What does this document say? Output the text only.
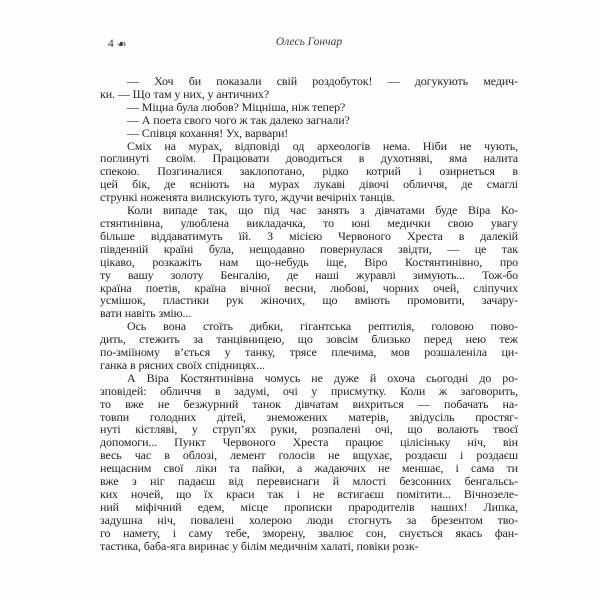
4 ❧	Олесь Гончар
— Хоч би показали свій роздобуток! — догукують медич-
ки. — Що там у них, у античних?
— Міцна була любов? Міцніша, ніж тепер?
— А поета свого чого ж так далеко загнали?
— Співця кохання! Ух, варвари!
Сміх на мурах, відповіді од археологів нема. Ніби не чують,
поглинуті своїм. Працювати доводиться в духотняві, яма налита
спекою. Позгиналися заклопотано, рідко котрий і озирнеться в
цей бік, де ясніють на мурах лукаві дівочі обличчя, де смаглі
стрункі ноженята вилискують туго, ждучи вечірніх танців.
Коли випаде так, що під час занять з дівчатами буде Віра Ко-
стянтинівна, улюблена викладачка, то юні медички свою увагу
більше віддаватимуть їй. З місією Червоного Хреста в далекій
південній країні була, нещодавно повернулася звідти, — це так
цікаво, розкажіть нам що-небудь іще, Віро Костянтинівно, про
ту вашу золоту Бенгалію, де наші журавлі зимують... Тож-бо
країна поетів, країна вічної весни, любові, чорних очей, сліпучих
усмішок, пластики рук жіночих, що вміють промовити, зачару-
вати навіть змію...
Ось вона стоїть дибки, гігантська рептилія, головою пово-
дить, стежить за танцівницею, що зовсім близько перед нею теж
по-зміїному в’ється у танку, трясе плечима, мов розшаленіла ци-
ганка в рясних своїх спідницях...
А Віра Костянтинівна чомусь не дуже й охоча сьогодні до ро-
зповідей: обличчя в задумі, очі у присмутку. Коли ж заговорить,
то вже не безжурний танок дівчатам вихриться — побачать на-
товпи голодних дітей, знеможених матерів, звідусіль простяг-
нуті кістляві, у струп’ях руки, розпалені очі, що волають твоєї
допомоги... Пункт Червоного Хреста працює цілісіньку ніч, він
весь час в облозі, лемент голосів не вщухає, роздаєш і роздаєш
нещасним свої ліки та пайки, а жадаючих не меншає, і сама ти
вже з ніг падаєш від перевиснаги й млості безсонних бенгальсь-
ких ночей, що їх краси так і не встигаєш помітити... Вічнозеле-
ний міфічний едем, місце прописки прародителів наших! Липка,
задушна ніч, повалені холерою люди стогнуть за брезентом тво-
го намету, і саму тебе, зморену, звалює сон, снується якась фан-
тастика, баба-яга виринає у білім медичнім халаті, повіки розк-
